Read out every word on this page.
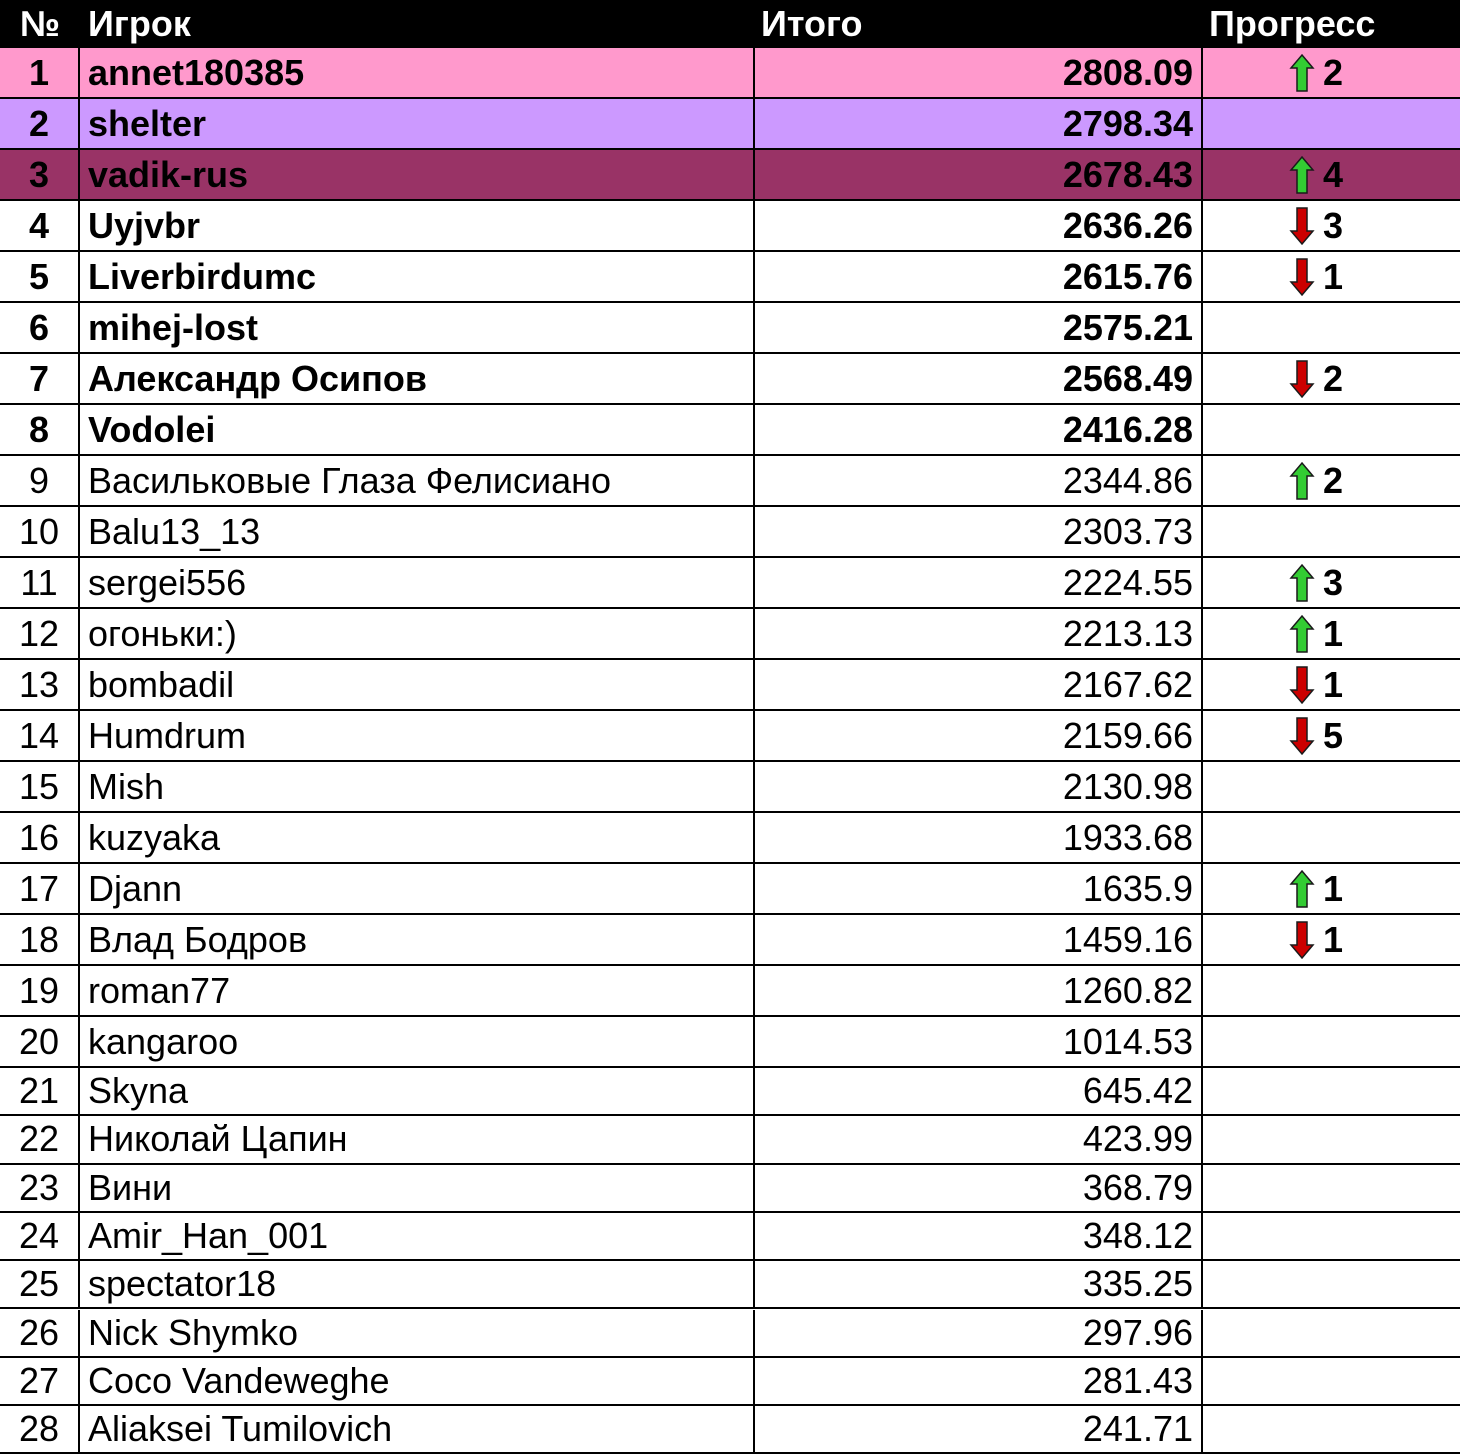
№ Игрок	Итого	Прогресс
1	annet180385	2808.09	2
2	shelter	2798.34
3	vadik-rus	2678.43	4
4	Uyjvbr	2636.26	3
5	Liverbirdumc	2615.76	1
6	mihej-lost	2575.21
7	Александр Осипов	2568.49	2
8	Vodolei	2416.28
9	Васильковые Глаза Фелисиано	2344.86	2
10 Balu13_13	2303.73
11 sergei556	2224.55	3
12 огоньки:)	2213.13	1
13 bombadil	2167.62	1
14 Humdrum	2159.66	5
15 Mish	2130.98
16 kuzyaka	1933.68
17 Djann	1635.9	1
18 Влад Бодров	1459.16	1
19 roman77	1260.82
20 kangaroo	1014.53
21 Skyna	645.42
22 Николай Цапин	423.99
23 Вини	368.79
24 Amir_Han_001	348.12
25 spectator18	335.25
26 Nick Shymko	297.96
27 Coco Vandeweghe	281.43
28 Aliaksei Tumilovich	241.71
